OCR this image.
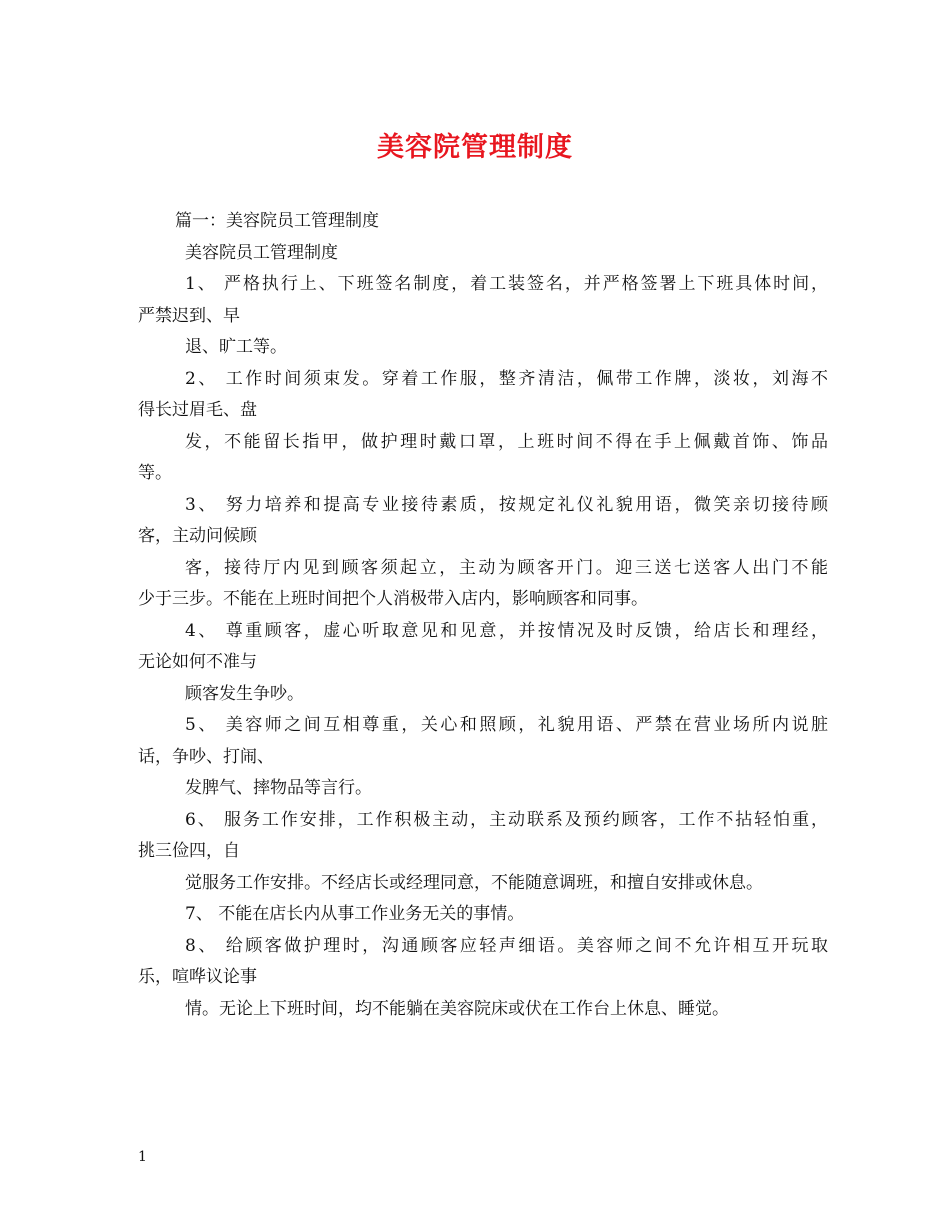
美容院管理制度
篇一：美容院员工管理制度
美容院员工管理制度
1、 严格执行上、下班签名制度，着工装签名，并严格签署上下班具体时间，
严禁迟到、早
退、旷工等。
2、 工作时间须束发。穿着工作服，整齐清洁，佩带工作牌，淡妆，刘海不
得长过眉毛、盘
发，不能留长指甲，做护理时戴口罩，上班时间不得在手上佩戴首饰、饰品
等。
3、 努力培养和提高专业接待素质，按规定礼仪礼貌用语，微笑亲切接待顾
客，主动问候顾
客，接待厅内见到顾客须起立，主动为顾客开门。迎三送七送客人出门不能
少于三步。不能在上班时间把个人消极带入店内，影响顾客和同事。
4、 尊重顾客，虚心听取意见和见意，并按情况及时反馈，给店长和理经，
无论如何不准与
顾客发生争吵。
5、 美容师之间互相尊重，关心和照顾，礼貌用语、严禁在营业场所内说脏
话，争吵、打闹、
发脾气、摔物品等言行。
6、 服务工作安排，工作积极主动，主动联系及预约顾客，工作不拈轻怕重，
挑三俭四，自
觉服务工作安排。不经店长或经理同意，不能随意调班，和擅自安排或休息。
7、 不能在店长内从事工作业务无关的事情。
8、 给顾客做护理时，沟通顾客应轻声细语。美容师之间不允许相互开玩取
乐，喧哗议论事
情。无论上下班时间，均不能躺在美容院床或伏在工作台上休息、睡觉。
1
